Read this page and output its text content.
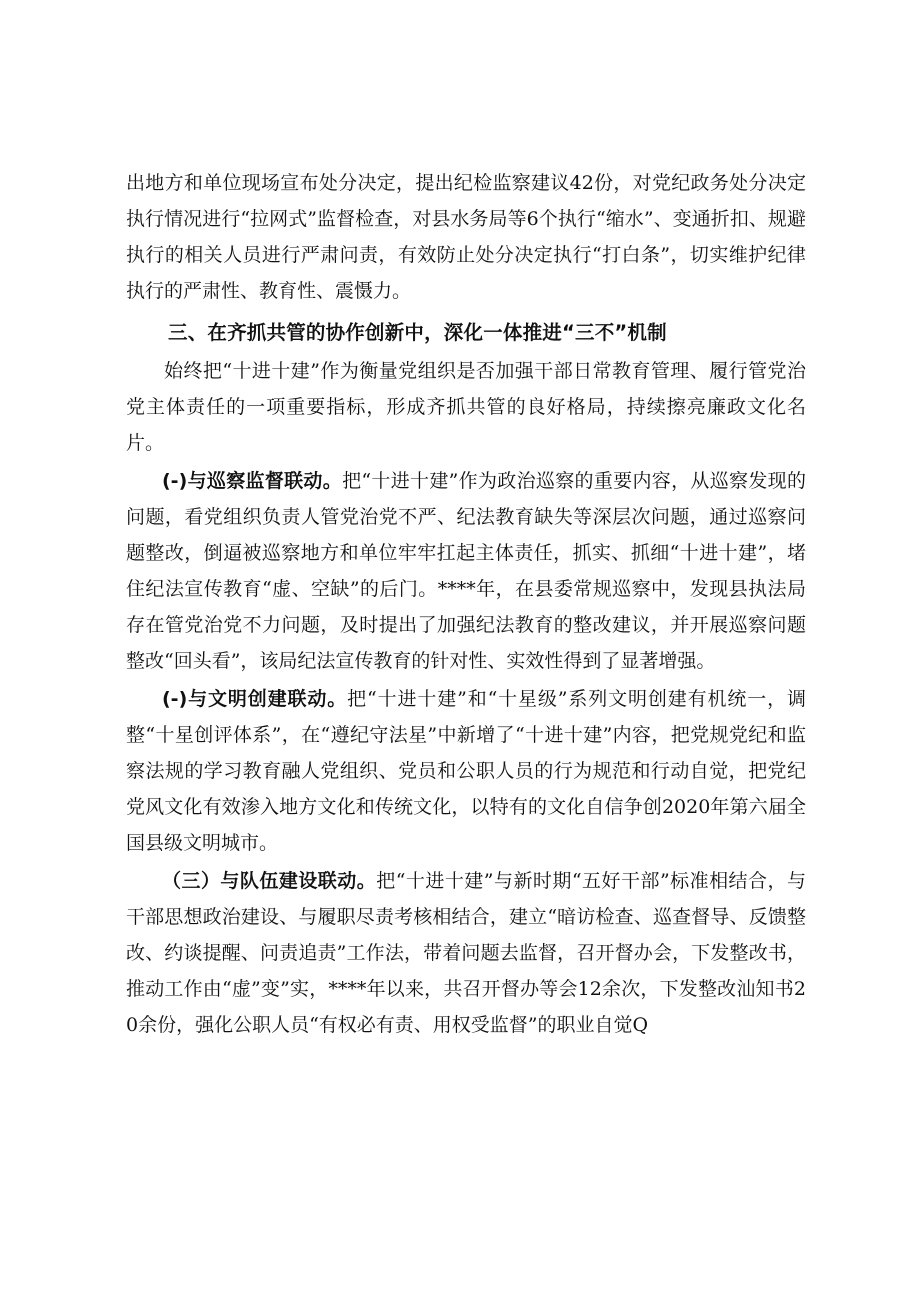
出地方和单位现场宣布处分决定，提出纪检监察建议42份，对党纪政务处分决定执行情况进行“拉网式”监督检查，对县水务局等6个执行“缩水”、变通折扣、规避执行的相关人员进行严肃问责，有效防止处分决定执行“打白条”，切实维护纪律执行的严肃性、教育性、震慑力。

三、在齐抓共管的协作创新中，深化一体推进“三不”机制

始终把“十进十建”作为衡量党组织是否加强干部日常教育管理、履行管党治党主体责任的一项重要指标，形成齐抓共管的良好格局，持续擦亮廉政文化名片。

(-)与巡察监督联动。把“十进十建”作为政治巡察的重要内容，从巡察发现的问题，看党组织负责人管党治党不严、纪法教育缺失等深层次问题，通过巡察问题整改，倒逼被巡察地方和单位牢牢扛起主体责任，抓实、抓细“十进十建”，堵住纪法宣传教育“虚、空缺”的后门。****年，在县委常规巡察中，发现县执法局存在管党治党不力问题，及时提出了加强纪法教育的整改建议，并开展巡察问题整改“回头看”，该局纪法宣传教育的针对性、实效性得到了显著增强。

(-)与文明创建联动。把“十进十建”和“十星级”系列文明创建有机统一，调整“十星创评体系”，在“遵纪守法星”中新增了“十进十建”内容，把党规党纪和监察法规的学习教育融人党组织、党员和公职人员的行为规范和行动自觉，把党纪党风文化有效渗入地方文化和传统文化，以特有的文化自信争创2020年第六届全国县级文明城市。

（三）与队伍建设联动。把“十进十建”与新时期“五好干部”标准相结合，与干部思想政治建设、与履职尽责考核相结合，建立“暗访检查、巡查督导、反馈整改、约谈提醒、问责追责”工作法，带着问题去监督，召开督办会，下发整改书，推动工作由“虚”变”实，****年以来，共召开督办等会12余次，下发整改汕知书20余份，强化公职人员“有权必有责、用权受监督”的职业自觉Q
